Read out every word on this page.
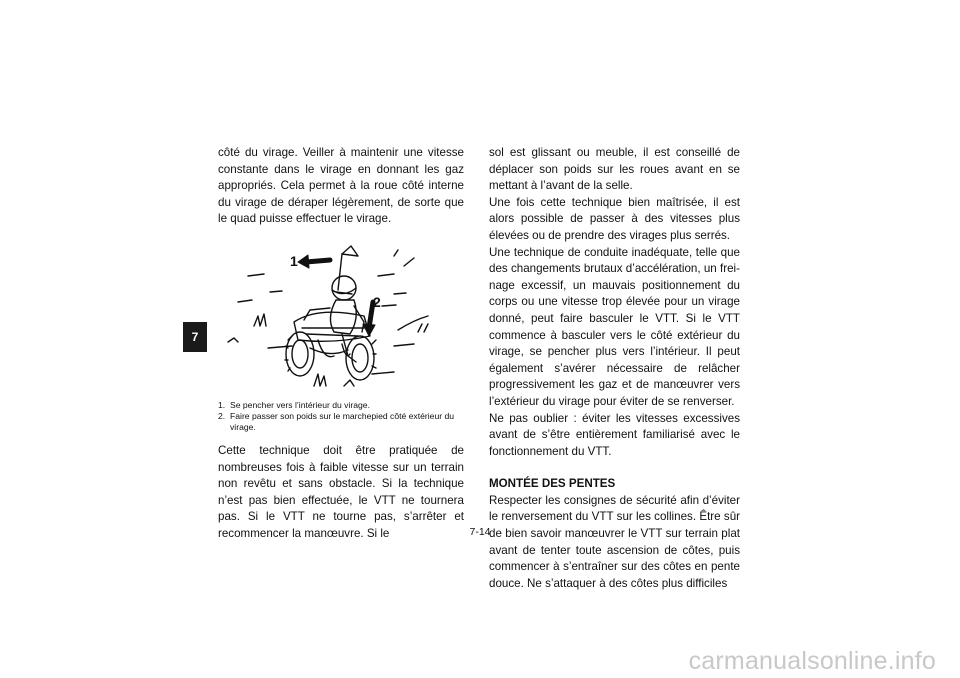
7

côté du virage. Veiller à maintenir une vitesse constante dans le virage en donnant les gaz appropriés. Cela permet à la roue côté interne du virage de déraper légèrement, de sorte que le quad puisse effectuer le virage.

1
2
1. Se pencher vers l’intérieur du virage.
2. Faire passer son poids sur le marchepied côté extérieur du virage.

Cette technique doit être pratiquée de nombreuses fois à faible vitesse sur un terrain non revêtu et sans obstacle. Si la technique n’est pas bien effectuée, le VTT ne tournera pas. Si le VTT ne tourne pas, s’arrêter et recommencer la manœuvre. Si le

sol est glissant ou meuble, il est conseillé de déplacer son poids sur les roues avant en se mettant à l’avant de la selle.

Une fois cette technique bien maîtrisée, il est alors possible de passer à des vitesses plus élevées ou de prendre des virages plus serrés.

Une technique de conduite inadéquate, telle que des changements brutaux d’accélération, un freinage excessif, un mauvais positionnement du corps ou une vitesse trop élevée pour un virage donné, peut faire basculer le VTT. Si le VTT commence à basculer vers le côté extérieur du virage, se pencher plus vers l’intérieur. Il peut également s’avérer nécessaire de relâcher progressivement les gaz et de manœuvrer vers l’extérieur du virage pour éviter de se renverser.

Ne pas oublier : éviter les vitesses excessives avant de s’être entièrement familiarisé avec le fonctionnement du VTT.

MONTÉE DES PENTES

Respecter les consignes de sécurité afin d’éviter le renversement du VTT sur les collines. Être sûr de bien savoir manœuvrer le VTT sur terrain plat avant de tenter toute ascension de côtes, puis commencer à s’entraîner sur des côtes en pente douce. Ne s’attaquer à des côtes plus difficiles

7-14
carmanualsonline.info
